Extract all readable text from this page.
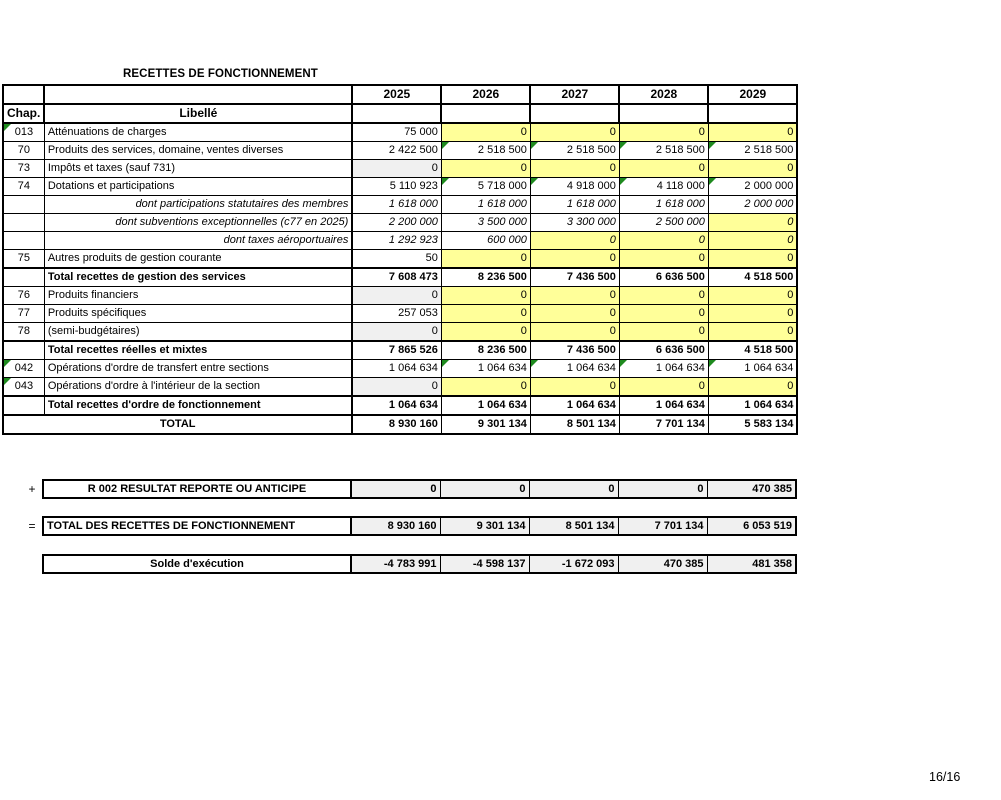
RECETTES DE FONCTIONNEMENT
		2025	2026	2027	2028	2029
Chap.	Libellé					

013	Atténuations de charges	75 000	0	0	0	0
70	Produits des services, domaine, ventes diverses	2 422 500	2 518 500	2 518 500	2 518 500	2 518 500
73	Impôts et taxes (sauf 731)	0	0	0	0	0
74	Dotations et participations	5 110 923	5 718 000	4 918 000	4 118 000	2 000 000
	dont participations statutaires des membres	1 618 000	1 618 000	1 618 000	1 618 000	2 000 000
	dont subventions exceptionnelles (c77 en 2025)	2 200 000	3 500 000	3 300 000	2 500 000	0
	dont taxes aéroportuaires	1 292 923	600 000	0	0	0
75	Autres produits de gestion courante	50	0	0	0	0
	Total recettes de gestion des services	7 608 473	8 236 500	7 436 500	6 636 500	4 518 500
76	Produits financiers	0	0	0	0	0
77	Produits spécifiques	257 053	0	0	0	0
78	(semi-budgétaires)	0	0	0	0	0
	Total recettes réelles et mixtes	7 865 526	8 236 500	7 436 500	6 636 500	4 518 500

042	Opérations d'ordre de transfert entre sections	1 064 634	1 064 634	1 064 634	1 064 634	1 064 634

043	Opérations d'ordre à l'intérieur de la section	0	0	0	0	0
	Total recettes d'ordre de fonctionnement	1 064 634	1 064 634	1 064 634	1 064 634	1 064 634
TOTAL		8 930 160	9 301 134	8 501 134	7 701 134	5 583 134
+	R 002 RESULTAT REPORTE OU ANTICIPE	0	0	0	0	470 385
= TOTAL DES RECETTES DE FONCTIONNEMENT	8 930 160	9 301 134	8 501 134	7 701 134	6 053 519
Solde d'exécution	-4 783 991	-4 598 137	-1 672 093	470 385	481 358
16/16
